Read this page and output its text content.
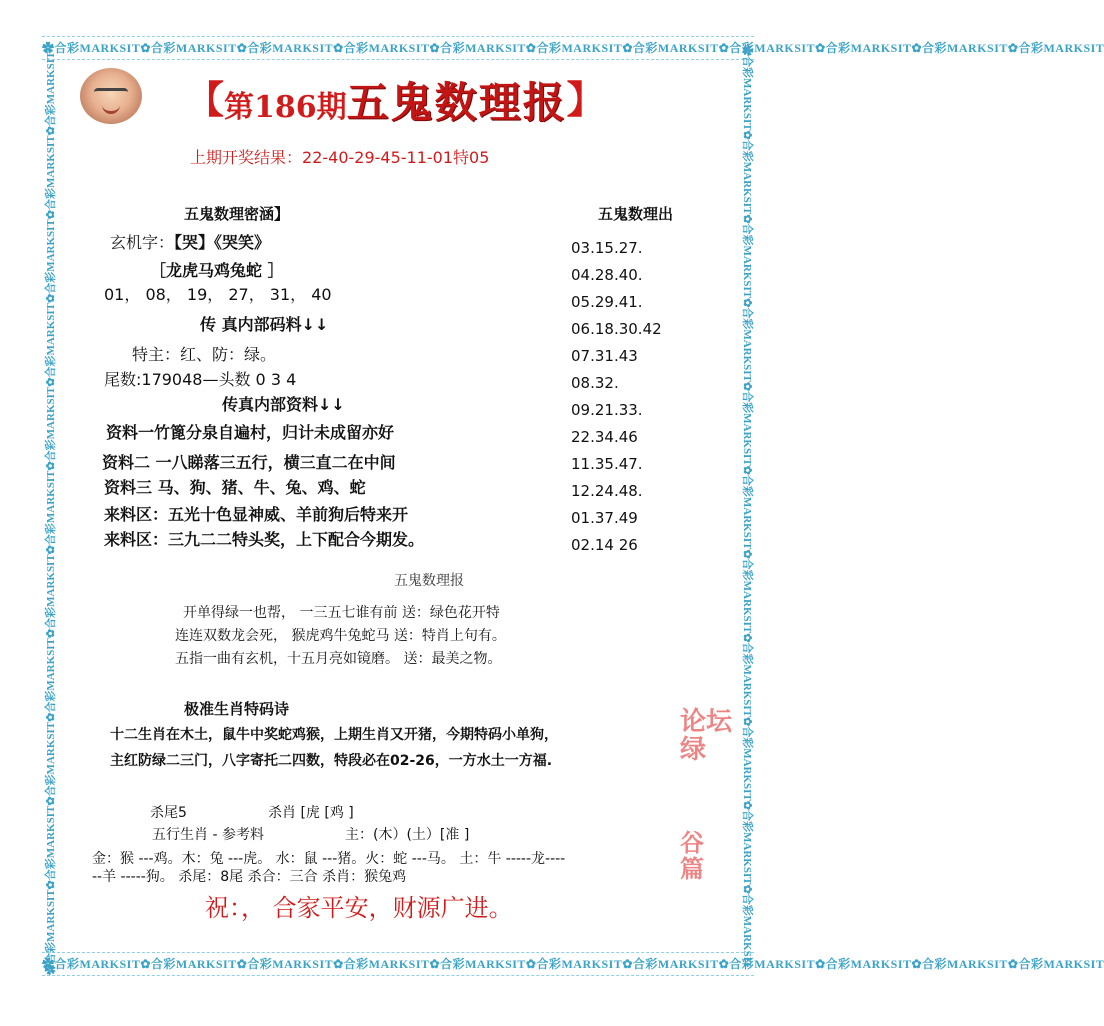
✿合彩MARKSIT✿合彩MARKSIT✿合彩MARKSIT✿合彩MARKSIT✿合彩MARKSIT✿合彩MARKSIT✿合彩MARKSIT✿合彩MARKSIT✿合彩MARKSIT✿合彩MARKSIT✿合彩MARKSIT
✿合彩MARKSIT✿合彩MARKSIT✿合彩MARKSIT✿合彩MARKSIT✿合彩MARKSIT✿合彩MARKSIT✿合彩MARKSIT✿合彩MARKSIT✿合彩MARKSIT✿合彩MARKSIT✿合彩MARKSIT
✿合彩MARKSIT✿合彩MARKSIT✿合彩MARKSIT✿合彩MARKSIT✿合彩MARKSIT✿合彩MARKSIT✿合彩MARKSIT✿合彩MARKSIT✿合彩MARKSIT✿合彩MARKSIT✿合彩MARKSIT	✿合彩MARKSIT✿合彩MARKSIT✿合彩MARKSIT✿合彩MARKSIT✿合彩MARKSIT✿合彩MARKSIT✿合彩MARKSIT✿合彩MARKSIT✿合彩MARKSIT✿合彩MARKSIT✿合彩MARKSIT
【第186期五鬼数理报】
上期开奖结果：22-40-29-45-11-01特05
五鬼数理密涵】
玄机字：【哭】《哭笑》
［龙虎马鸡兔蛇 ］
01， 08， 19， 27， 31， 40
传 真内部码料↓↓
特主：红、防：绿。
尾数:179048—头数 0 3 4
传真内部资料↓↓
资料一竹篦分泉自遍村，归计未成留亦好
资料二 一八睇落三五行，横三直二在中间
资料三 马、狗、猪、牛、兔、鸡、蛇
来料区：五光十色显神威、羊前狗后特来开
来料区：三九二二特头奖，上下配合今期发。
五鬼数理出
03.15.27.
04.28.40.
05.29.41.
06.18.30.42
07.31.43
08.32.
09.21.33.
22.34.46
11.35.47.
12.24.48.
01.37.49
02.14 26
五鬼数理报
开单得绿一也帮， 一三五七谁有前 送：绿色花开特
连连双数龙会死， 猴虎鸡牛兔蛇马 送：特肖上句有。
五指一曲有玄机，十五月亮如镜磨。 送：最美之物。
极准生肖特码诗
十二生肖在木土，鼠牛中奖蛇鸡猴，上期生肖又开猪，今期特码小单狗，
主红防绿二三门，八字寄托二四数，特段必在02-26，一方水土一方福.
论坛
绿
谷
篇
杀尾5	杀肖 [虎 [鸡 ]
五行生肖 - 参考料	主：(木）(土）[准 ]
金：猴 ---鸡。木：兔 ---虎。 水：鼠 ---猪。火：蛇 ---马。 土：牛 -----龙----
--羊 -----狗。 杀尾：8尾 杀合：三合 杀肖：猴兔鸡
祝：， 合家平安，财源广进。
